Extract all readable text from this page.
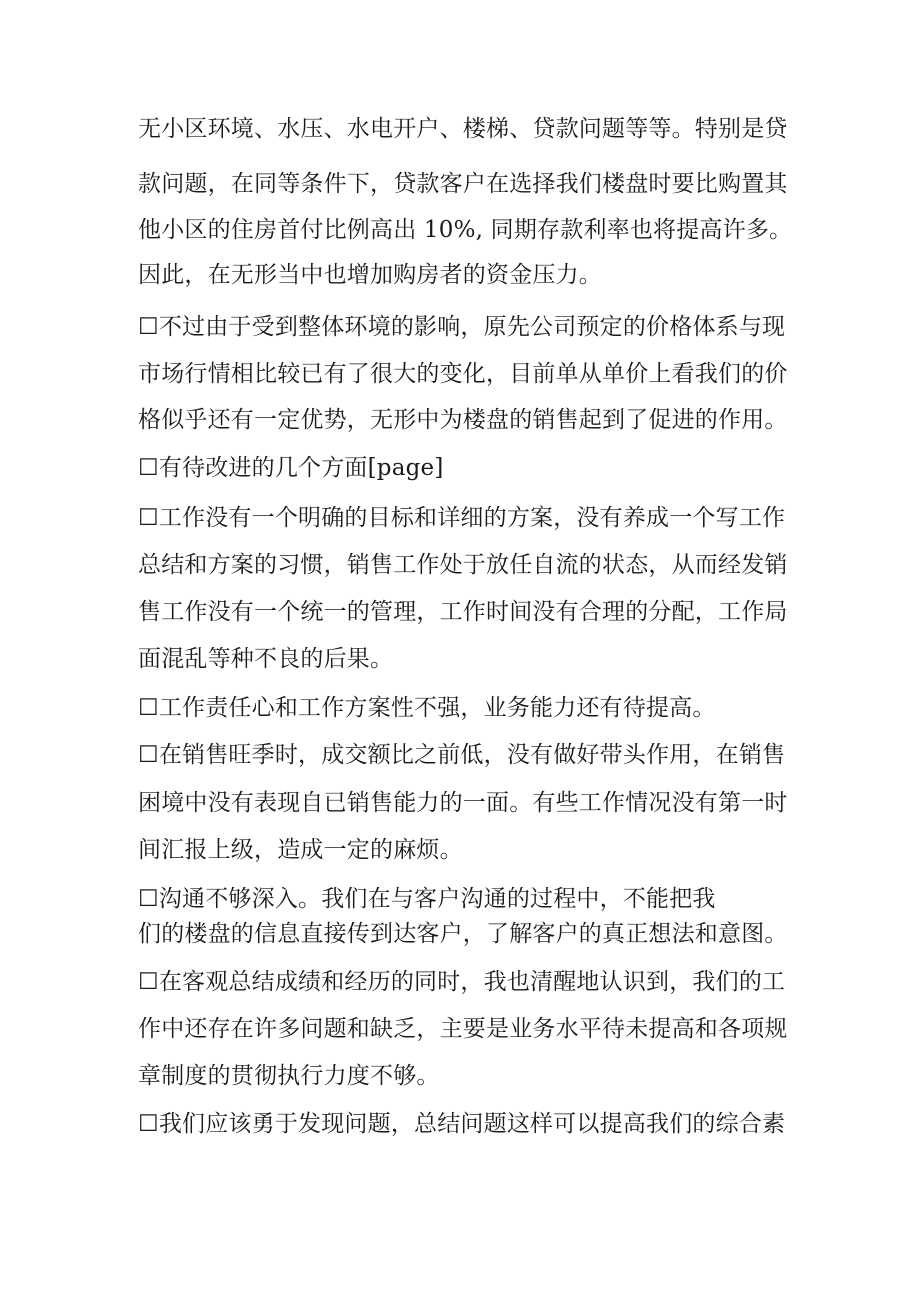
无小区环境、水压、水电开户、楼梯、贷款问题等等。特别是贷
款问题，在同等条件下，贷款客户在选择我们楼盘时要比购置其
他小区的住房首付比例高出 10%, 同期存款利率也将提高许多。
因此，在无形当中也增加购房者的资金压力。
☐不过由于受到整体环境的影响，原先公司预定的价格体系与现
市场行情相比较已有了很大的变化，目前单从单价上看我们的价
格似乎还有一定优势，无形中为楼盘的销售起到了促进的作用。
☐有待改进的几个方面[page]
☐工作没有一个明确的目标和详细的方案，没有养成一个写工作
总结和方案的习惯，销售工作处于放任自流的状态，从而经发销
售工作没有一个统一的管理，工作时间没有合理的分配，工作局
面混乱等种不良的后果。
☐工作责任心和工作方案性不强，业务能力还有待提高。
☐在销售旺季时，成交额比之前低，没有做好带头作用，在销售
困境中没有表现自已销售能力的一面。有些工作情况没有第一时
间汇报上级，造成一定的麻烦。
☐沟通不够深入。我们在与客户沟通的过程中，不能把我
们的楼盘的信息直接传到达客户，了解客户的真正想法和意图。
☐在客观总结成绩和经历的同时，我也清醒地认识到，我们的工
作中还存在许多问题和缺乏，主要是业务水平待未提高和各项规
章制度的贯彻执行力度不够。
☐我们应该勇于发现问题，总结问题这样可以提高我们的综合素
